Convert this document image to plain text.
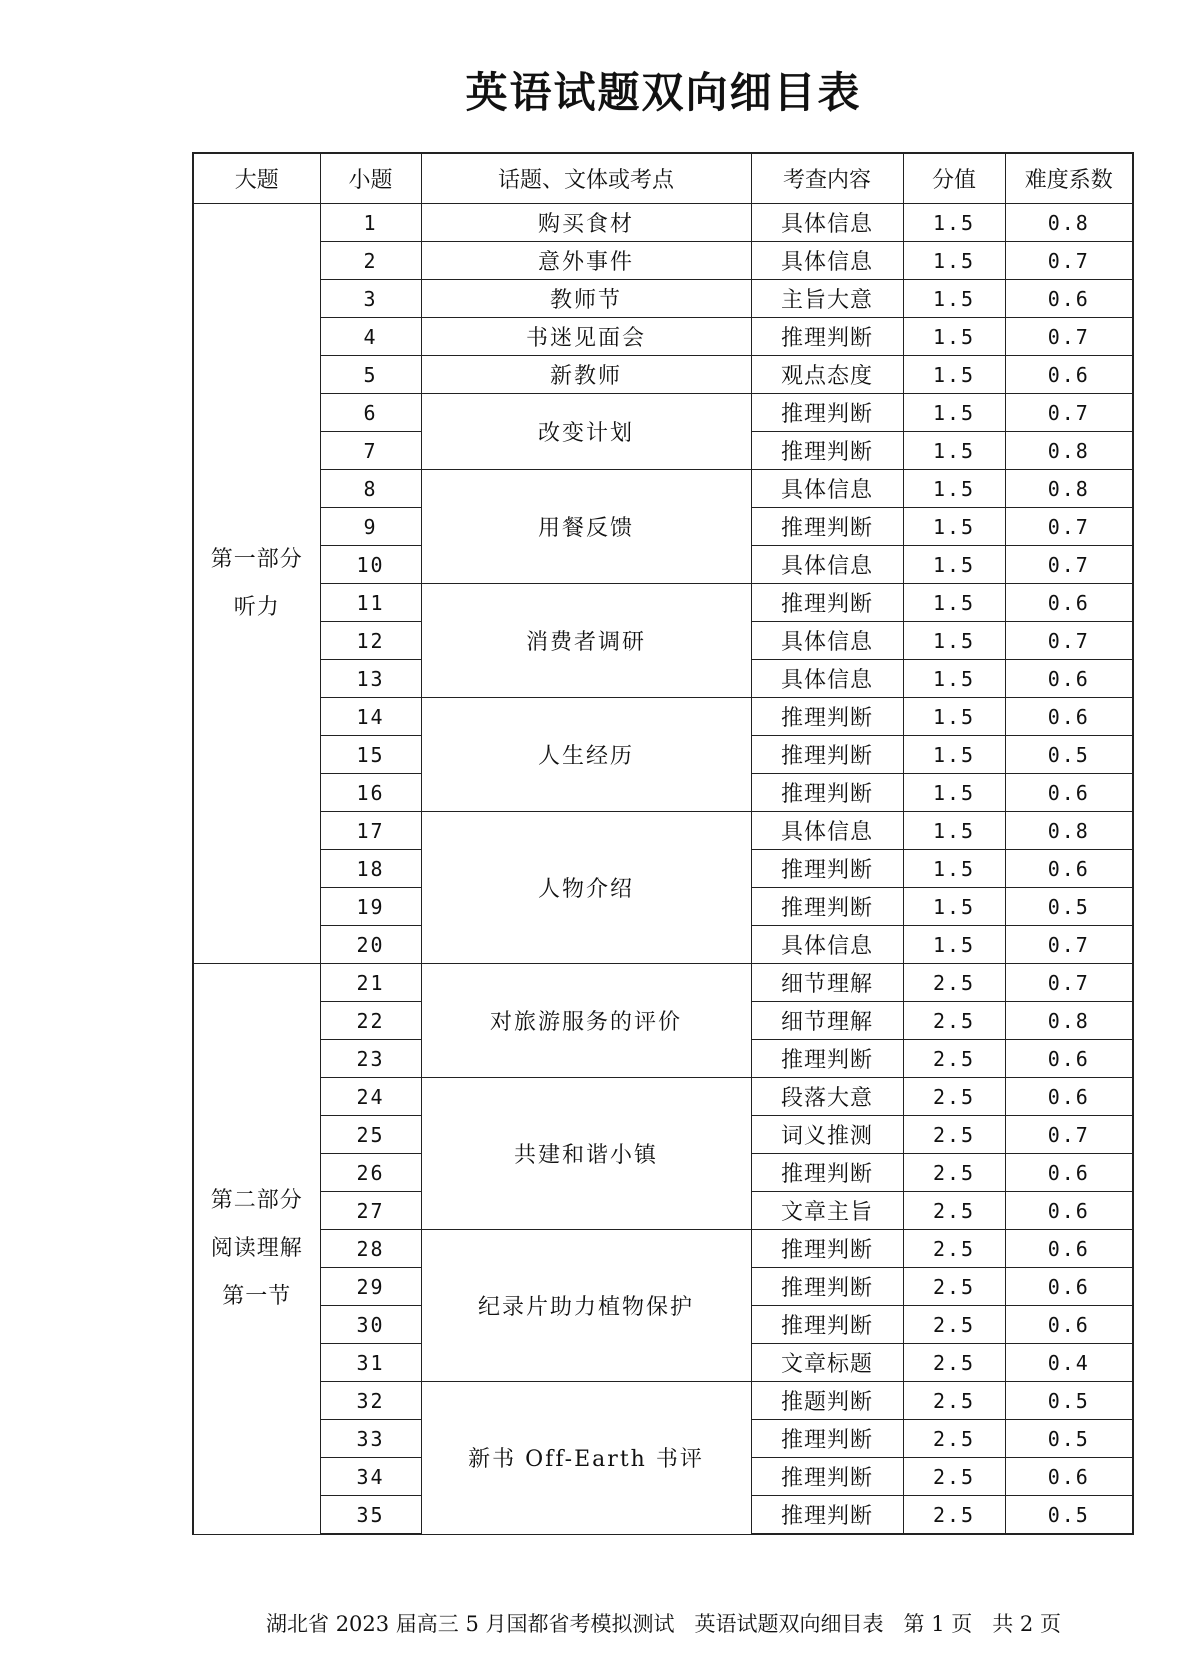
英语试题双向细目表
大题	小题	话题、文体或考点	考查内容	分值	难度系数

第一部分
听力	1	购买食材	具体信息	1.5	0.8
	2	意外事件	具体信息	1.5	0.7
	3	教师节	主旨大意	1.5	0.6
	4	书迷见面会	推理判断	1.5	0.7
	5	新教师	观点态度	1.5	0.6
	6	改变计划	推理判断	1.5	0.7
	7		推理判断	1.5	0.8
	8	用餐反馈	具体信息	1.5	0.8
	9		推理判断	1.5	0.7
	10		具体信息	1.5	0.7
	11	消费者调研	推理判断	1.5	0.6
	12		具体信息	1.5	0.7
	13		具体信息	1.5	0.6
	14	人生经历	推理判断	1.5	0.6
	15		推理判断	1.5	0.5
	16		推理判断	1.5	0.6
	17	人物介绍	具体信息	1.5	0.8
	18		推理判断	1.5	0.6
	19		推理判断	1.5	0.5
	20		具体信息	1.5	0.7

第二部分
阅读理解
第一节	21	对旅游服务的评价	细节理解	2.5	0.7
	22		细节理解	2.5	0.8
	23		推理判断	2.5	0.6
	24	共建和谐小镇	段落大意	2.5	0.6
	25		词义推测	2.5	0.7
	26		推理判断	2.5	0.6
	27		文章主旨	2.5	0.6
	28	纪录片助力植物保护	推理判断	2.5	0.6
	29		推理判断	2.5	0.6
	30		推理判断	2.5	0.6
	31		文章标题	2.5	0.4
	32	新书 Off-Earth 书评	推题判断	2.5	0.5
	33		推理判断	2.5	0.5
	34		推理判断	2.5	0.6
	35		推理判断	2.5	0.5
湖北省 2023 届高三 5 月国都省考模拟测试 英语试题双向细目表 第 1 页 共 2 页
